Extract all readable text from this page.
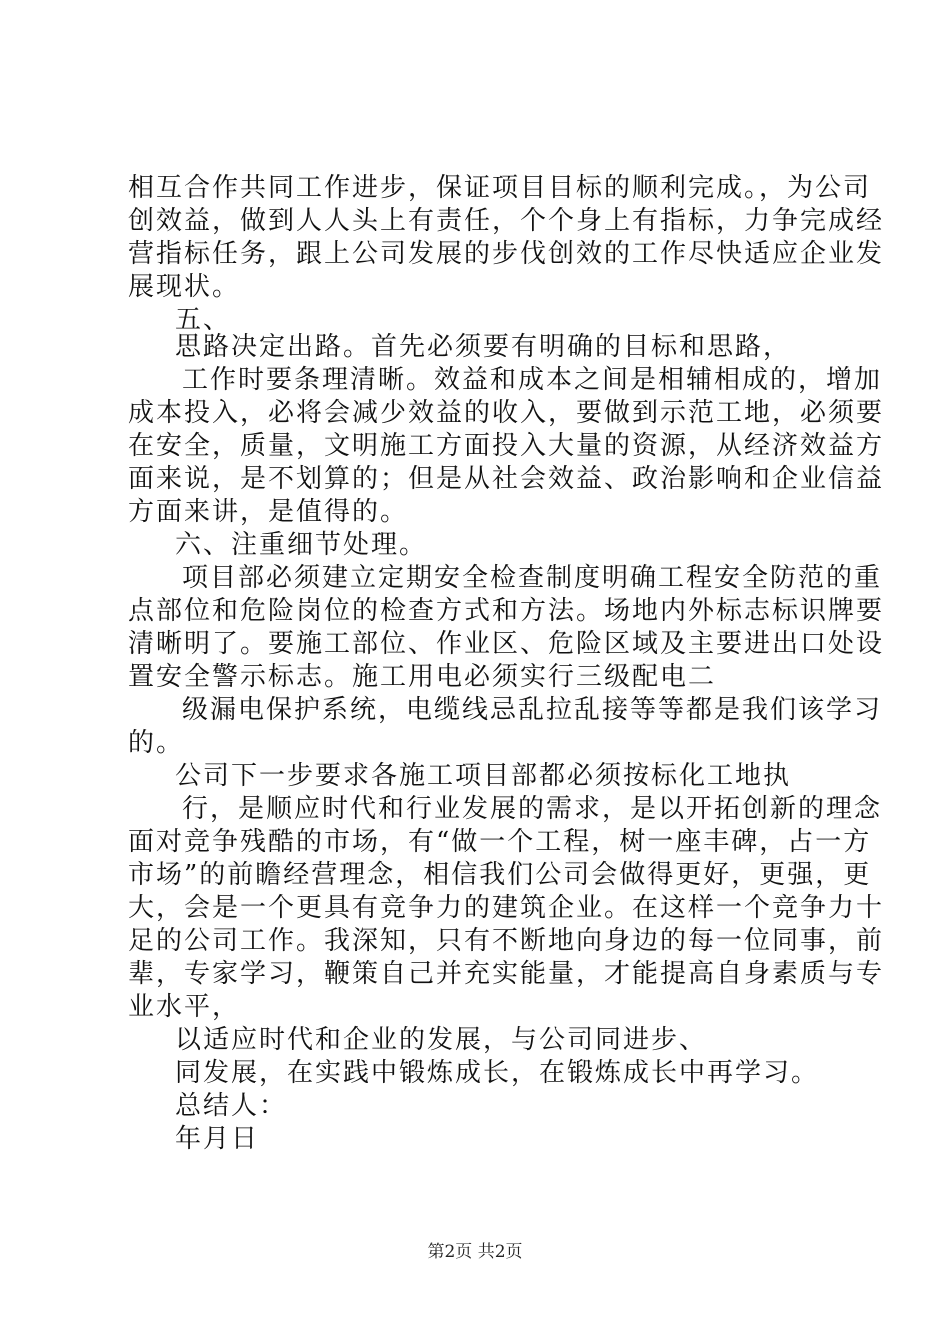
相互合作共同工作进步，保证项目目标的顺利完成。，为公司
创效益，做到人人头上有责任，个个身上有指标，力争完成经
营指标任务，跟上公司发展的步伐创效的工作尽快适应企业发
展现状。
五、
思路决定出路。首先必须要有明确的目标和思路，
工作时要条理清晰。效益和成本之间是相辅相成的，增加
成本投入，必将会减少效益的收入，要做到示范工地，必须要
在安全，质量，文明施工方面投入大量的资源，从经济效益方
面来说，是不划算的；但是从社会效益、政治影响和企业信益
方面来讲，是值得的。
六、注重细节处理。
项目部必须建立定期安全检查制度明确工程安全防范的重
点部位和危险岗位的检查方式和方法。场地内外标志标识牌要
清晰明了。要施工部位、作业区、危险区域及主要进出口处设
置安全警示标志。施工用电必须实行三级配电二
级漏电保护系统，电缆线忌乱拉乱接等等都是我们该学习
的。
公司下一步要求各施工项目部都必须按标化工地执
行，是顺应时代和行业发展的需求，是以开拓创新的理念
面对竞争残酷的市场，有“做一个工程，树一座丰碑，占一方
市场”的前瞻经营理念，相信我们公司会做得更好，更强，更
大，会是一个更具有竞争力的建筑企业。在这样一个竞争力十
足的公司工作。我深知，只有不断地向身边的每一位同事，前
辈，专家学习，鞭策自己并充实能量，才能提高自身素质与专
业水平，
以适应时代和企业的发展，与公司同进步、
同发展，在实践中锻炼成长，在锻炼成长中再学习。
总结人：
年月日
第2页 共2页
